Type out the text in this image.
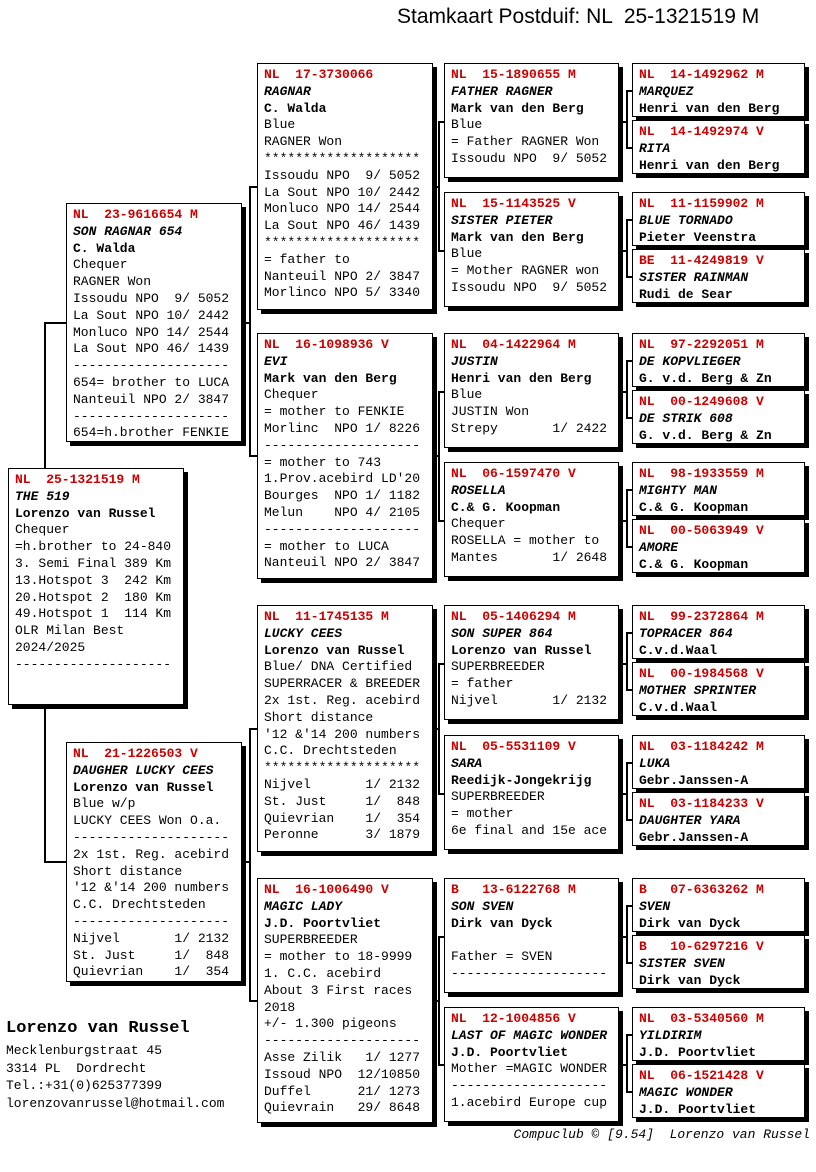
Stamkaart Postduif: NL  25-1321519 M
NL  25-1321519 M
THE 519
Lorenzo van Russel
Chequer
=h.brother to 24-840
3. Semi Final 389 Km
13.Hotspot 3  242 Km
20.Hotspot 2  180 Km
49.Hotspot 1  114 Km
OLR Milan Best
2024/2025
--------------------
NL  23-9616654 M
SON RAGNAR 654
C. Walda
Chequer
RAGNER Won
Issoudu NPO  9/ 5052
La Sout NPO 10/ 2442
Monluco NPO 14/ 2544
La Sout NPO 46/ 1439
--------------------
654= brother to LUCA
Nanteuil NPO 2/ 3847
--------------------
654=h.brother FENKIE
NL  21-1226503 V
DAUGHER LUCKY CEES
Lorenzo van Russel
Blue w/p
LUCKY CEES Won O.a.
--------------------
2x 1st. Reg. acebird
Short distance
'12 &'14 200 numbers
C.C. Drechtsteden
--------------------
Nijvel       1/ 2132
St. Just     1/  848
Quievrian    1/  354
NL  17-3730066
RAGNAR
C. Walda
Blue
RAGNER Won
********************
Issoudu NPO  9/ 5052
La Sout NPO 10/ 2442
Monluco NPO 14/ 2544
La Sout NPO 46/ 1439
********************
= father to
Nanteuil NPO 2/ 3847
Morlinco NPO 5/ 3340
NL  16-1098936 V
EVI
Mark van den Berg
Chequer
= mother to FENKIE
Morlinc  NPO 1/ 8226
--------------------
= mother to 743
1.Prov.acebird LD'20
Bourges  NPO 1/ 1182
Melun    NPO 4/ 2105
--------------------
= mother to LUCA
Nanteuil NPO 2/ 3847
NL  11-1745135 M
LUCKY CEES
Lorenzo van Russel
Blue/ DNA Certified
SUPERRACER & BREEDER
2x 1st. Reg. acebird
Short distance
'12 &'14 200 numbers
C.C. Drechtsteden
********************
Nijvel       1/ 2132
St. Just     1/  848
Quievrian    1/  354
Peronne      3/ 1879
NL  16-1006490 V
MAGIC LADY
J.D. Poortvliet
SUPERBREEDER
= mother to 18-9999
1. C.C. acebird
About 3 First races
2018
+/- 1.300 pigeons
--------------------
Asse Zilik   1/ 1277
Issoud NPO  12/10850
Duffel      21/ 1273
Quievrain   29/ 8648
NL  15-1890655 M
FATHER RAGNER
Mark van den Berg
Blue
= Father RAGNER Won
Issoudu NPO  9/ 5052
NL  15-1143525 V
SISTER PIETER
Mark van den Berg
Blue
= Mother RAGNER won
Issoudu NPO  9/ 5052
NL  04-1422964 M
JUSTIN
Henri van den Berg
Blue
JUSTIN Won
Strepy       1/ 2422
NL  06-1597470 V
ROSELLA
C.& G. Koopman
Chequer
ROSELLA = mother to
Mantes       1/ 2648
NL  05-1406294 M
SON SUPER 864
Lorenzo van Russel
SUPERBREEDER
= father
Nijvel       1/ 2132
NL  05-5531109 V
SARA
Reedijk-Jongekrijg
SUPERBREEDER
= mother
6e final and 15e ace
B   13-6122768 M
SON SVEN
Dirk van Dyck

Father = SVEN
--------------------
NL  12-1004856 V
LAST OF MAGIC WONDER
J.D. Poortvliet
Mother =MAGIC WONDER
--------------------
1.acebird Europe cup
NL  14-1492962 M
MARQUEZ
Henri van den Berg
NL  14-1492974 V
RITA
Henri van den Berg
NL  11-1159902 M
BLUE TORNADO
Pieter Veenstra
BE  11-4249819 V
SISTER RAINMAN
Rudi de Sear
NL  97-2292051 M
DE KOPVLIEGER
G. v.d. Berg & Zn
NL  00-1249608 V
DE STRIK 608
G. v.d. Berg & Zn
NL  98-1933559 M
MIGHTY MAN
C.& G. Koopman
NL  00-5063949 V
AMORE
C.& G. Koopman
NL  99-2372864 M
TOPRACER 864
C.v.d.Waal
NL  00-1984568 V
MOTHER SPRINTER
C.v.d.Waal
NL  03-1184242 M
LUKA
Gebr.Janssen-A
NL  03-1184233 V
DAUGHTER YARA
Gebr.Janssen-A
B   07-6363262 M
SVEN
Dirk van Dyck
B   10-6297216 V
SISTER SVEN
Dirk van Dyck
NL  03-5340560 M
YILDIRIM
J.D. Poortvliet
NL  06-1521428 V
MAGIC WONDER
J.D. Poortvliet
Lorenzo van Russel
Mecklenburgstraat 45
3314 PL  Dordrecht
Tel.:+31(0)625377399
lorenzovanrussel@hotmail.com
Compuclub © [9.54]  Lorenzo van Russel
